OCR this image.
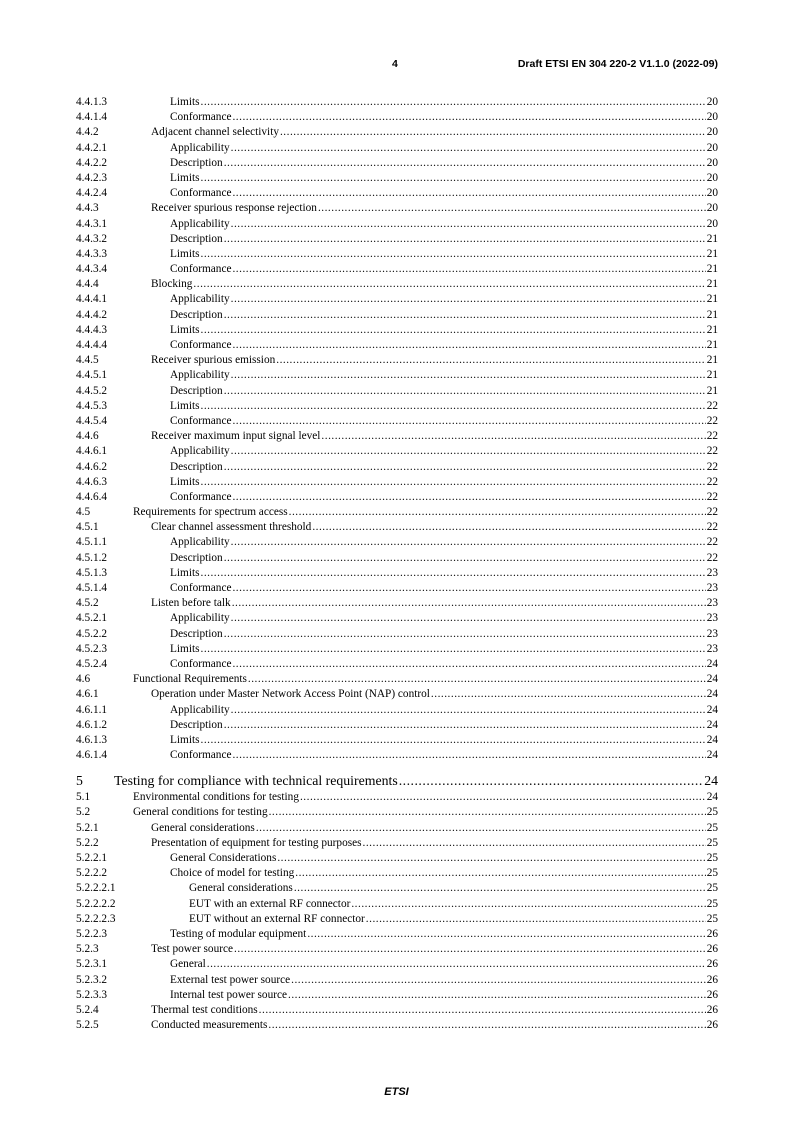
4	Draft ETSI EN 304 220-2 V1.1.0 (2022-09)
4.4.1.3	Limits .....	20
4.4.1.4	Conformance .....	20
4.4.2	Adjacent channel selectivity .....	20
4.4.2.1	Applicability .....	20
4.4.2.2	Description .....	20
4.4.2.3	Limits .....	20
4.4.2.4	Conformance .....	20
4.4.3	Receiver spurious response rejection .....	20
4.4.3.1	Applicability .....	20
4.4.3.2	Description .....	21
4.4.3.3	Limits .....	21
4.4.3.4	Conformance .....	21
4.4.4	Blocking .....	21
4.4.4.1	Applicability .....	21
4.4.4.2	Description .....	21
4.4.4.3	Limits .....	21
4.4.4.4	Conformance .....	21
4.4.5	Receiver spurious emission .....	21
4.4.5.1	Applicability .....	21
4.4.5.2	Description .....	21
4.4.5.3	Limits .....	22
4.4.5.4	Conformance .....	22
4.4.6	Receiver maximum input signal level .....	22
4.4.6.1	Applicability .....	22
4.4.6.2	Description .....	22
4.4.6.3	Limits .....	22
4.4.6.4	Conformance .....	22
4.5	Requirements for spectrum access .....	22
4.5.1	Clear channel assessment threshold .....	22
4.5.1.1	Applicability .....	22
4.5.1.2	Description .....	22
4.5.1.3	Limits .....	23
4.5.1.4	Conformance .....	23
4.5.2	Listen before talk .....	23
4.5.2.1	Applicability .....	23
4.5.2.2	Description .....	23
4.5.2.3	Limits .....	23
4.5.2.4	Conformance .....	24
4.6	Functional Requirements .....	24
4.6.1	Operation under Master Network Access Point (NAP) control .....	24
4.6.1.1	Applicability .....	24
4.6.1.2	Description .....	24
4.6.1.3	Limits .....	24
4.6.1.4	Conformance .....	24
5 Testing for compliance with technical requirements .....	24
5.1	Environmental conditions for testing .....	24
5.2	General conditions for testing .....	25
5.2.1	General considerations .....	25
5.2.2	Presentation of equipment for testing purposes .....	25
5.2.2.1	General Considerations .....	25
5.2.2.2	Choice of model for testing .....	25
5.2.2.2.1	General considerations .....	25
5.2.2.2.2	EUT with an external RF connector .....	25
5.2.2.2.3	EUT without an external RF connector .....	25
5.2.2.3	Testing of modular equipment .....	26
5.2.3	Test power source .....	26
5.2.3.1	General .....	26
5.2.3.2	External test power source .....	26
5.2.3.3	Internal test power source .....	26
5.2.4	Thermal test conditions .....	26
5.2.5	Conducted measurements .....	26
ETSI
